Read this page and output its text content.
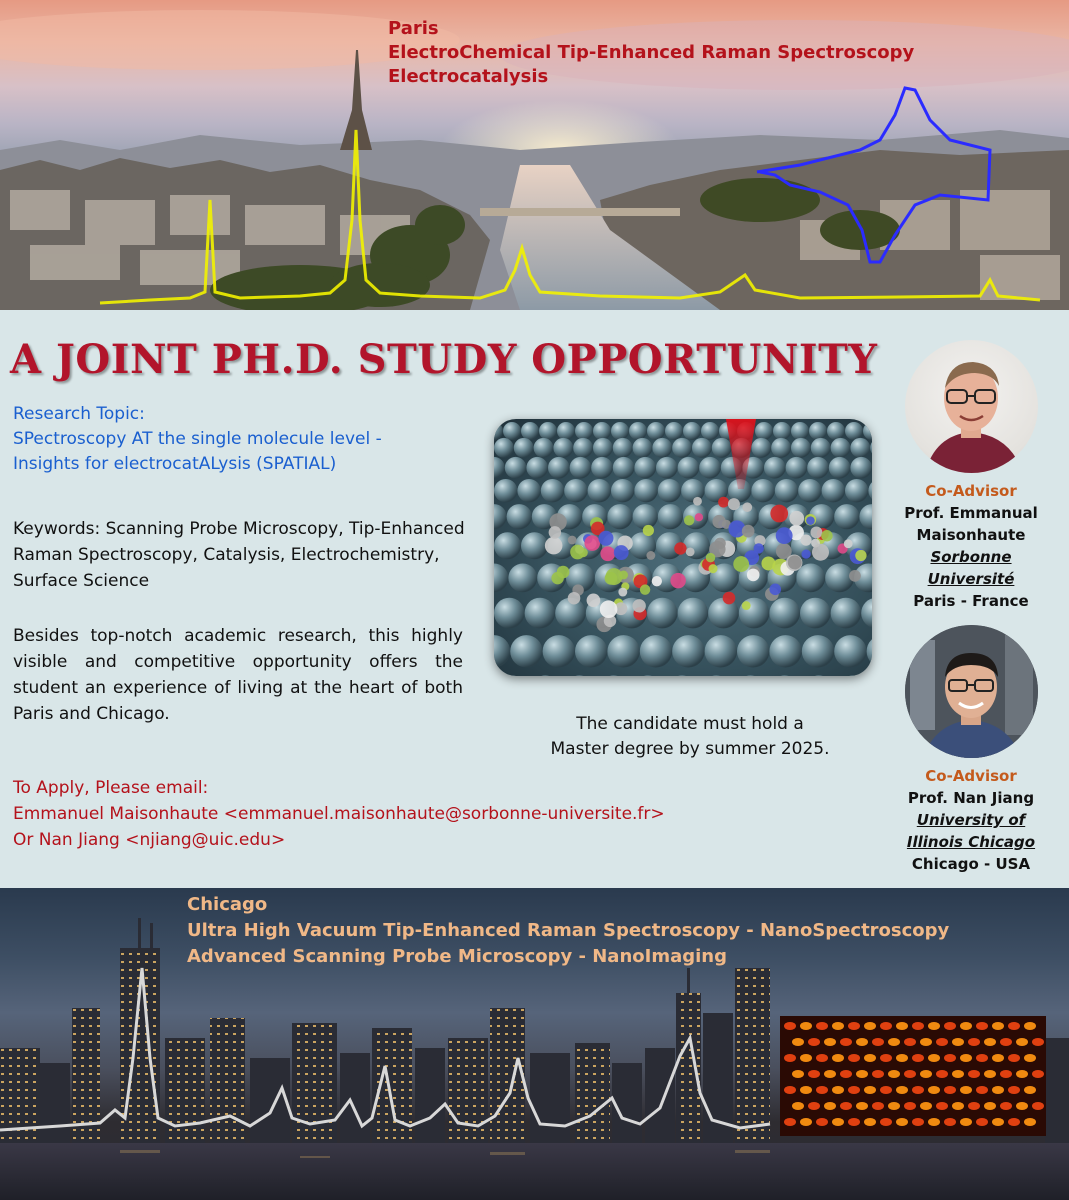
Paris
ElectroChemical Tip-Enhanced Raman Spectroscopy
Electrocatalysis
A JOINT PH.D. STUDY OPPORTUNITY
Research Topic:
SPectroscopy AT the single molecule level -
Insights for electrocatALysis (SPATIAL)
Keywords: Scanning Probe Microscopy, Tip-Enhanced Raman Spectroscopy, Catalysis, Electrochemistry, Surface Science
Besides top-notch academic research, this highly visible and competitive opportunity offers the student an experience of living at the heart of both Paris and Chicago.
To Apply, Please email:
Emmanuel Maisonhaute <emmanuel.maisonhaute@sorbonne-universite.fr>
Or Nan Jiang <njiang@uic.edu>
The candidate must hold a
Master degree by summer 2025.
Co-Advisor
Prof. Emmanual
Maisonhaute
Sorbonne
Université
Paris - France
Co-Advisor
Prof. Nan Jiang
University of
Illinois Chicago
Chicago - USA
Chicago
Ultra High Vacuum Tip-Enhanced Raman Spectroscopy - NanoSpectroscopy
Advanced Scanning Probe Microscopy - NanoImaging
